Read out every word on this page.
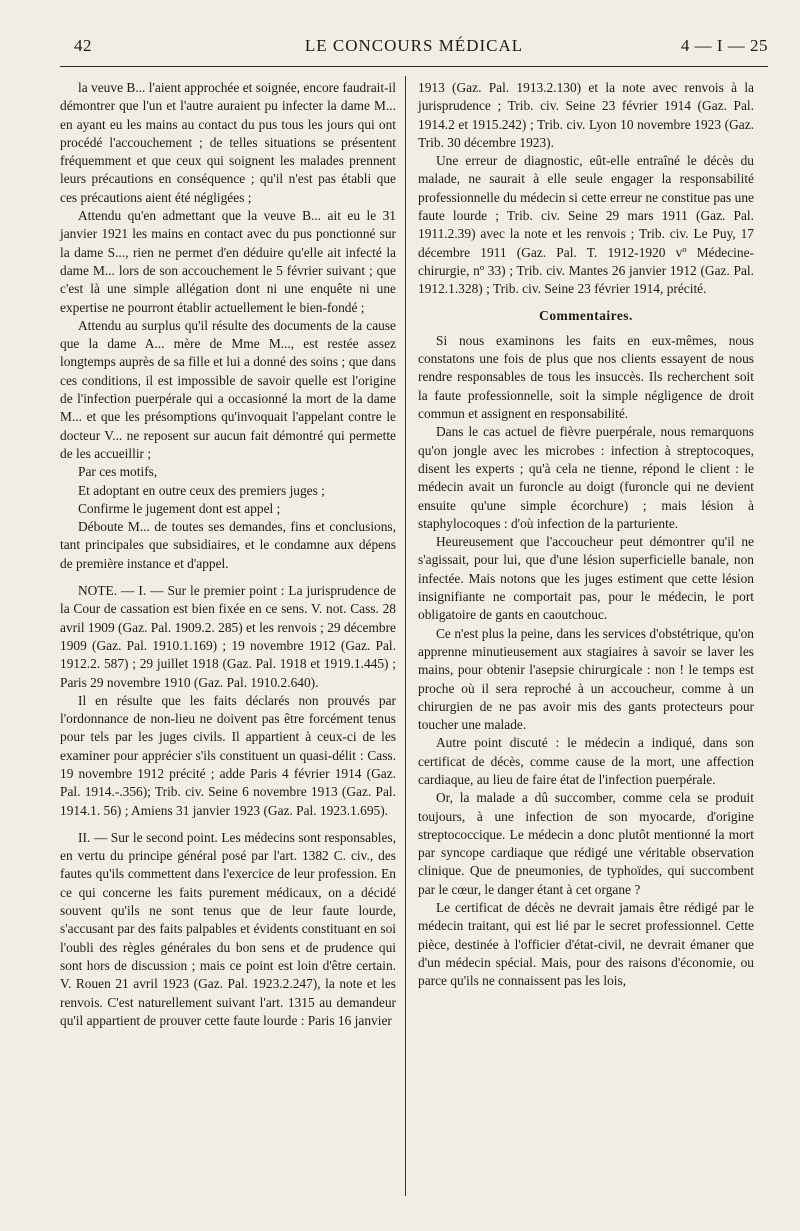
42	LE CONCOURS MÉDICAL	4 — I — 25

la veuve B... l'aient approchée et soignée, encore faudrait-il démontrer que l'un et l'autre auraient pu infecter la dame M... en ayant eu les mains au contact du pus tous les jours qui ont procédé l'accouchement ; de telles situations se présentent fréquemment et que ceux qui soignent les malades prennent leurs précautions en conséquence ; qu'il n'est pas établi que ces précautions aient été négligées ;

Attendu qu'en admettant que la veuve B... ait eu le 31 janvier 1921 les mains en contact avec du pus ponctionné sur la dame S..., rien ne permet d'en déduire qu'elle ait infecté la dame M... lors de son accouchement le 5 février suivant ; que c'est là une simple allégation dont ni une enquête ni une expertise ne pourront établir actuellement le bien-fondé ;

Attendu au surplus qu'il résulte des documents de la cause que la dame A... mère de Mme M..., est restée assez longtemps auprès de sa fille et lui a donné des soins ; que dans ces conditions, il est impossible de savoir quelle est l'origine de l'infection puerpérale qui a occasionné la mort de la dame M... et que les présomptions qu'invoquait l'appelant contre le docteur V... ne reposent sur aucun fait démontré qui permette de les accueillir ;

Par ces motifs,

Et adoptant en outre ceux des premiers juges ;

Confirme le jugement dont est appel ;

Déboute M... de toutes ses demandes, fins et conclusions, tant principales que subsidiaires, et le condamne aux dépens de première instance et d'appel.

NOTE. — I. — Sur le premier point : La jurisprudence de la Cour de cassation est bien fixée en ce sens. V. not. Cass. 28 avril 1909 (Gaz. Pal. 1909.2. 285) et les renvois ; 29 décembre 1909 (Gaz. Pal. 1910.1.169) ; 19 novembre 1912 (Gaz. Pal. 1912.2. 587) ; 29 juillet 1918 (Gaz. Pal. 1918 et 1919.1.445) ; Paris 29 novembre 1910 (Gaz. Pal. 1910.2.640).

Il en résulte que les faits déclarés non prouvés par l'ordonnance de non-lieu ne doivent pas être forcément tenus pour tels par les juges civils. Il appartient à ceux-ci de les examiner pour apprécier s'ils constituent un quasi-délit : Cass. 19 novembre 1912 précité ; adde Paris 4 février 1914 (Gaz. Pal. 1914.-.356); Trib. civ. Seine 6 novembre 1913 (Gaz. Pal. 1914.1. 56) ; Amiens 31 janvier 1923 (Gaz. Pal. 1923.1.695).

II. — Sur le second point. Les médecins sont responsables, en vertu du principe général posé par l'art. 1382 C. civ., des fautes qu'ils commettent dans l'exercice de leur profession. En ce qui concerne les faits purement médicaux, on a décidé souvent qu'ils ne sont tenus que de leur faute lourde, s'accusant par des faits palpables et évidents constituant en soi l'oubli des règles générales du bon sens et de prudence qui sont hors de discussion ; mais ce point est loin d'être certain. V. Rouen 21 avril 1923 (Gaz. Pal. 1923.2.247), la note et les renvois. C'est naturellement suivant l'art. 1315 au demandeur qu'il appartient de prouver cette faute lourde : Paris 16 janvier

1913 (Gaz. Pal. 1913.2.130) et la note avec renvois à la jurisprudence ; Trib. civ. Seine 23 février 1914 (Gaz. Pal. 1914.2 et 1915.242) ; Trib. civ. Lyon 10 novembre 1923 (Gaz. Trib. 30 décembre 1923).

Une erreur de diagnostic, eût-elle entraîné le décès du malade, ne saurait à elle seule engager la responsabilité professionnelle du médecin si cette erreur ne constitue pas une faute lourde ; Trib. civ. Seine 29 mars 1911 (Gaz. Pal. 1911.2.39) avec la note et les renvois ; Trib. civ. Le Puy, 17 décembre 1911 (Gaz. Pal. T. 1912-1920 vº Médecine-chirurgie, nº 33) ; Trib. civ. Mantes 26 janvier 1912 (Gaz. Pal. 1912.1.328) ; Trib. civ. Seine 23 février 1914, précité.

Commentaires.

Si nous examinons les faits en eux-mêmes, nous constatons une fois de plus que nos clients essayent de nous rendre responsables de tous les insuccès. Ils recherchent soit la faute professionnelle, soit la simple négligence de droit commun et assignent en responsabilité.

Dans le cas actuel de fièvre puerpérale, nous remarquons qu'on jongle avec les microbes : infection à streptocoques, disent les experts ; qu'à cela ne tienne, répond le client : le médecin avait un furoncle au doigt (furoncle qui ne devient ensuite qu'une simple écorchure) ; mais lésion à staphylocoques : d'où infection de la parturiente.

Heureusement que l'accoucheur peut démontrer qu'il ne s'agissait, pour lui, que d'une lésion superficielle banale, non infectée. Mais notons que les juges estiment que cette lésion insignifiante ne comportait pas, pour le médecin, le port obligatoire de gants en caoutchouc.

Ce n'est plus la peine, dans les services d'obstétrique, qu'on apprenne minutieusement aux stagiaires à savoir se laver les mains, pour obtenir l'asepsie chirurgicale : non ! le temps est proche où il sera reproché à un accoucheur, comme à un chirurgien de ne pas avoir mis des gants protecteurs pour toucher une malade.

Autre point discuté : le médecin a indiqué, dans son certificat de décès, comme cause de la mort, une affection cardiaque, au lieu de faire état de l'infection puerpérale.

Or, la malade a dû succomber, comme cela se produit toujours, à une infection de son myocarde, d'origine streptococcique. Le médecin a donc plutôt mentionné la mort par syncope cardiaque que rédigé une véritable observation clinique. Que de pneumonies, de typhoïdes, qui succombent par le cœur, le danger étant à cet organe ?

Le certificat de décès ne devrait jamais être rédigé par le médecin traitant, qui est lié par le secret professionnel. Cette pièce, destinée à l'officier d'état-civil, ne devrait émaner que d'un médecin spécial. Mais, pour des raisons d'économie, ou parce qu'ils ne connaissent pas les lois,
